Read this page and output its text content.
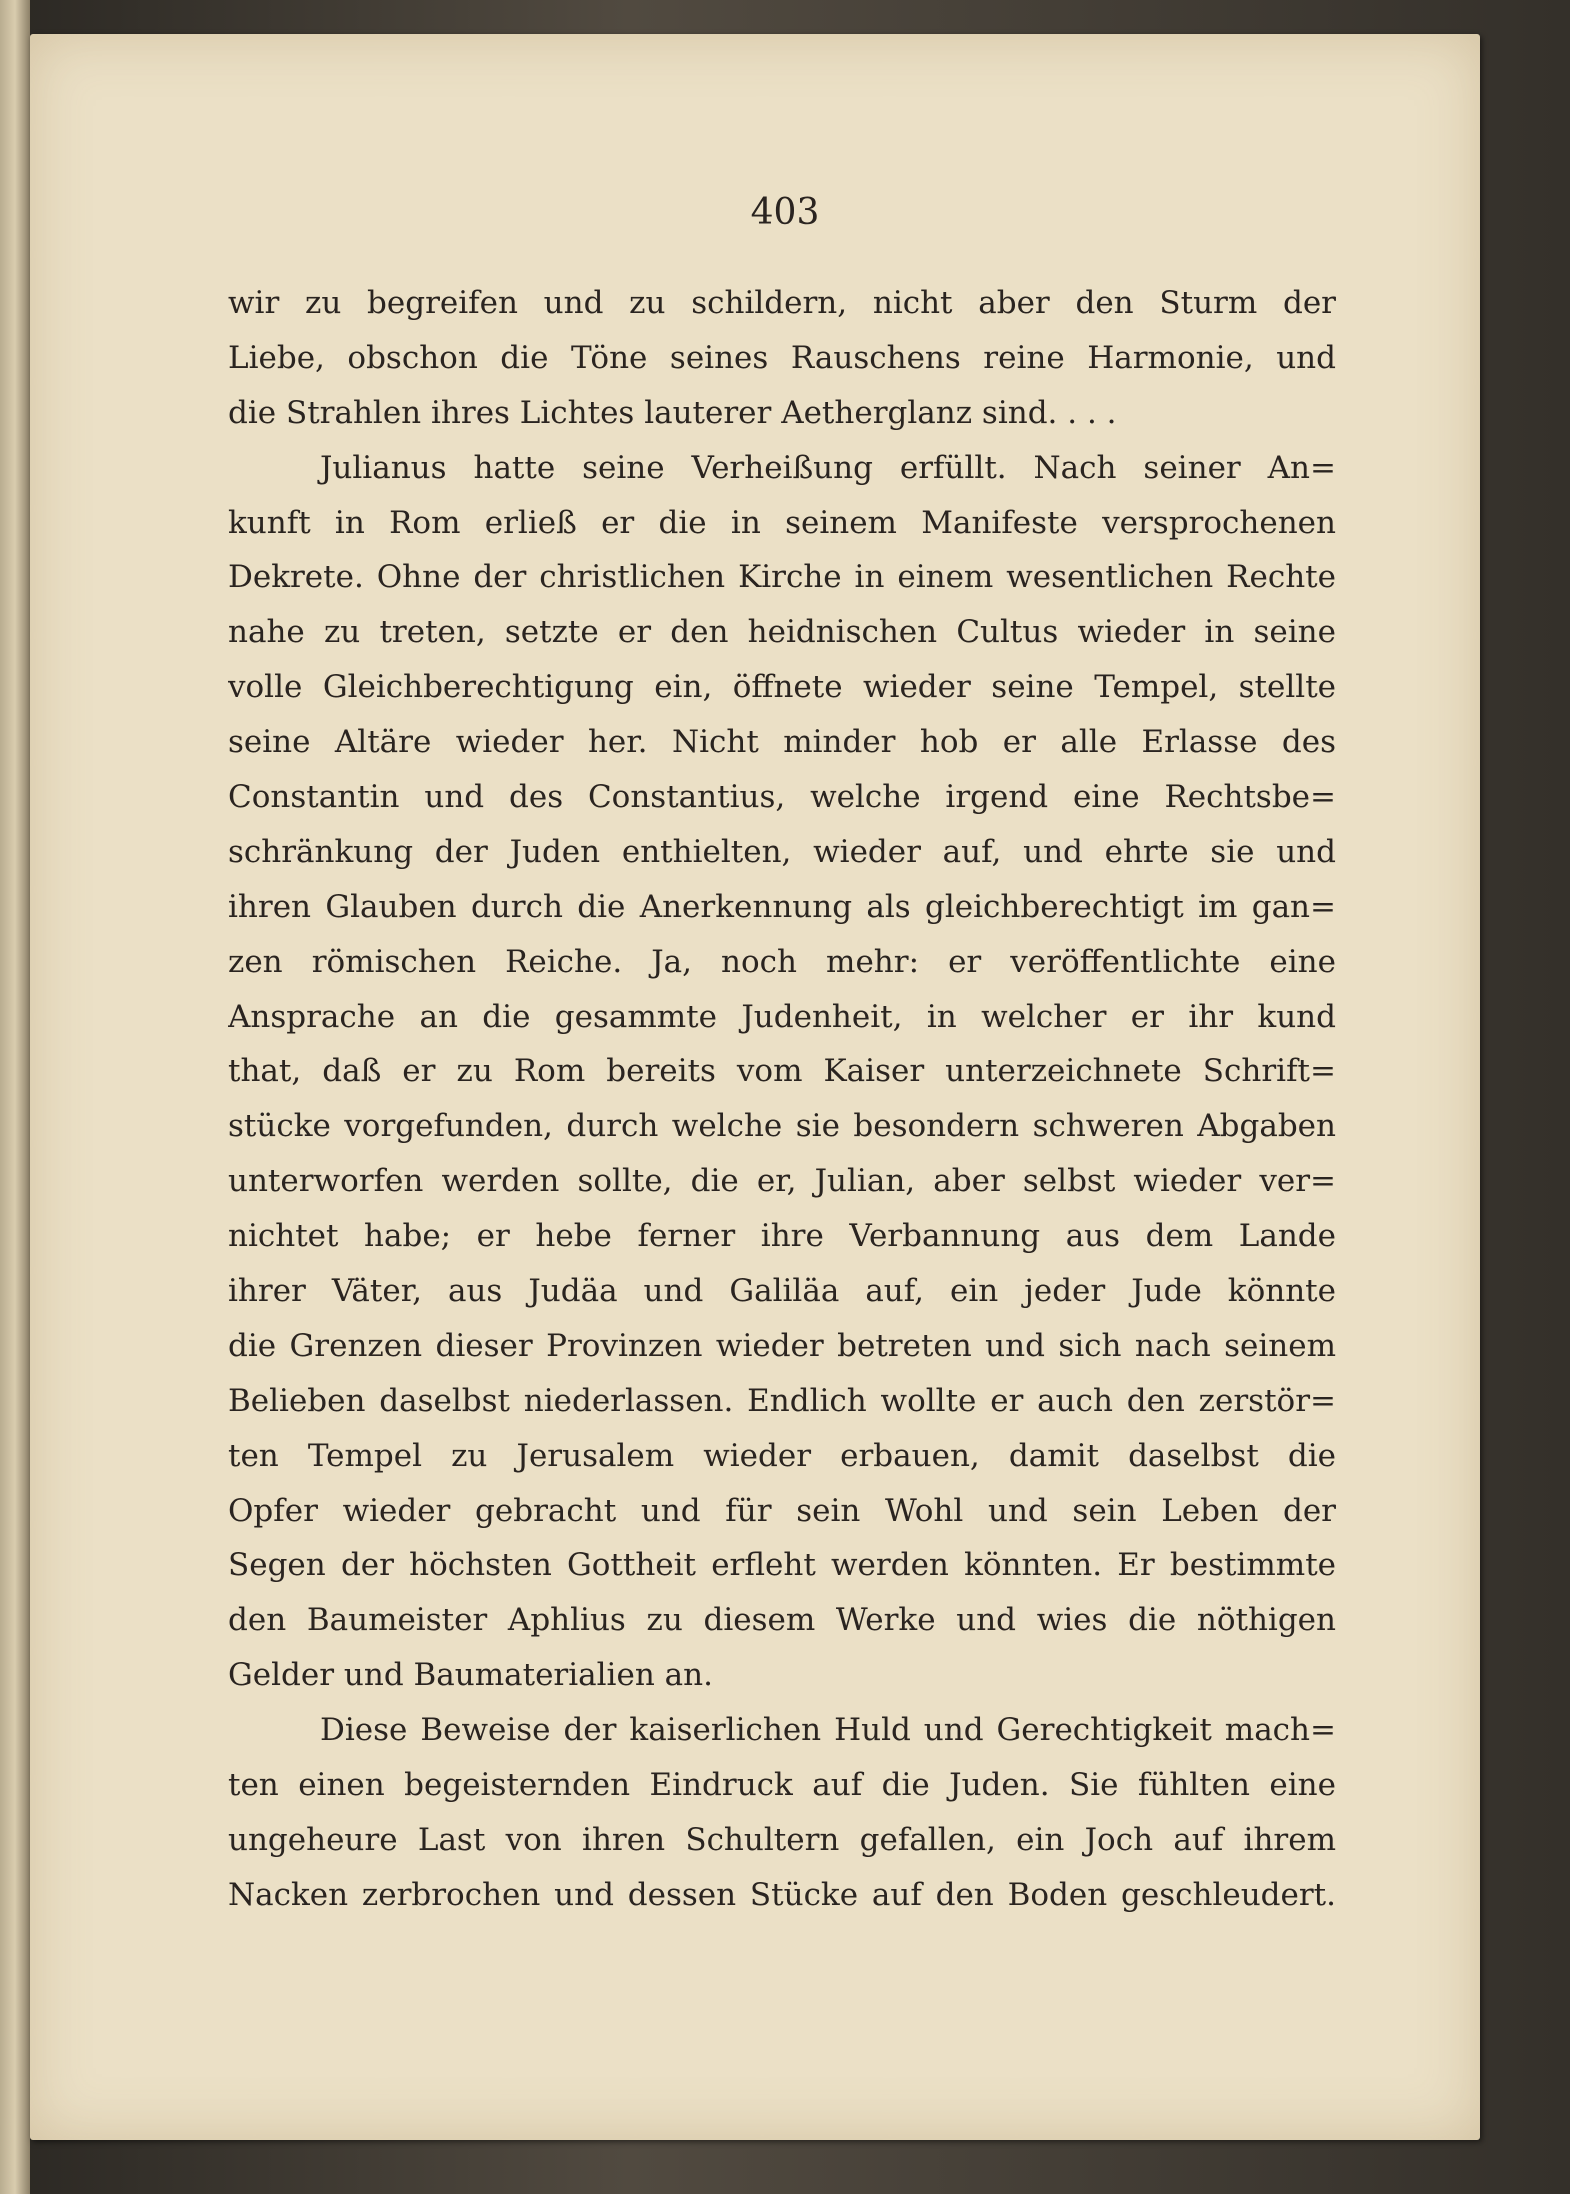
403

wir zu begreifen und zu schildern, nicht aber den Sturm der
Liebe, obschon die Töne seines Rauschens reine Harmonie, und
die Strahlen ihres Lichtes lauterer Aetherglanz sind. . . .
Julianus hatte seine Verheißung erfüllt. Nach seiner An=
kunft in Rom erließ er die in seinem Manifeste versprochenen
Dekrete. Ohne der christlichen Kirche in einem wesentlichen Rechte
nahe zu treten, setzte er den heidnischen Cultus wieder in seine
volle Gleichberechtigung ein, öffnete wieder seine Tempel, stellte
seine Altäre wieder her. Nicht minder hob er alle Erlasse des
Constantin und des Constantius, welche irgend eine Rechtsbe=
schränkung der Juden enthielten, wieder auf, und ehrte sie und
ihren Glauben durch die Anerkennung als gleichberechtigt im gan=
zen römischen Reiche. Ja, noch mehr: er veröffentlichte eine
Ansprache an die gesammte Judenheit, in welcher er ihr kund
that, daß er zu Rom bereits vom Kaiser unterzeichnete Schrift=
stücke vorgefunden, durch welche sie besondern schweren Abgaben
unterworfen werden sollte, die er, Julian, aber selbst wieder ver=
nichtet habe; er hebe ferner ihre Verbannung aus dem Lande
ihrer Väter, aus Judäa und Galiläa auf, ein jeder Jude könnte
die Grenzen dieser Provinzen wieder betreten und sich nach seinem
Belieben daselbst niederlassen. Endlich wollte er auch den zerstör=
ten Tempel zu Jerusalem wieder erbauen, damit daselbst die
Opfer wieder gebracht und für sein Wohl und sein Leben der
Segen der höchsten Gottheit erfleht werden könnten. Er bestimmte
den Baumeister Aphlius zu diesem Werke und wies die nöthigen
Gelder und Baumaterialien an.
Diese Beweise der kaiserlichen Huld und Gerechtigkeit mach=
ten einen begeisternden Eindruck auf die Juden. Sie fühlten eine
ungeheure Last von ihren Schultern gefallen, ein Joch auf ihrem
Nacken zerbrochen und dessen Stücke auf den Boden geschleudert.
